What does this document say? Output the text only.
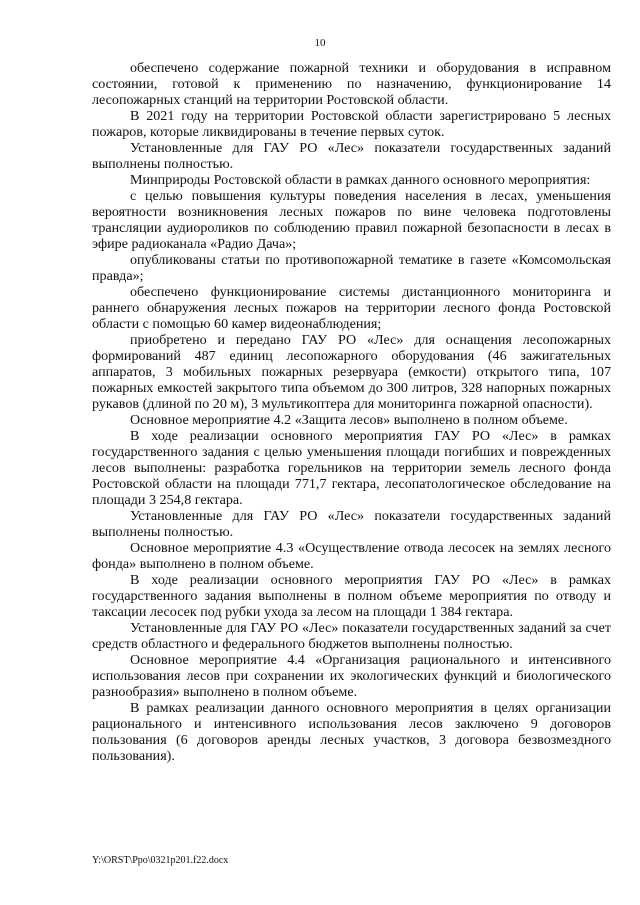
10

обеспечено содержание пожарной техники и оборудования в исправном состоянии, готовой к применению по назначению, функционирование 14 лесопожарных станций на территории Ростовской области.

В 2021 году на территории Ростовской области зарегистрировано 5 лесных пожаров, которые ликвидированы в течение первых суток.

Установленные для ГАУ РО «Лес» показатели государственных заданий выполнены полностью.

Минприроды Ростовской области в рамках данного основного мероприятия:

с целью повышения культуры поведения населения в лесах, уменьшения вероятности возникновения лесных пожаров по вине человека подготовлены трансляции аудиороликов по соблюдению правил пожарной безопасности в лесах в эфире радиоканала «Радио Дача»;

опубликованы статьи по противопожарной тематике в газете «Комсомольская правда»;

обеспечено функционирование системы дистанционного мониторинга и раннего обнаружения лесных пожаров на территории лесного фонда Ростовской области с помощью 60 камер видеонаблюдения;

приобретено и передано ГАУ РО «Лес» для оснащения лесопожарных формирований 487 единиц лесопожарного оборудования (46 зажигательных аппаратов, 3 мобильных пожарных резервуара (емкости) открытого типа, 107 пожарных емкостей закрытого типа объемом до 300 литров, 328 напорных пожарных рукавов (длиной по 20 м), 3 мультикоптера для мониторинга пожарной опасности).

Основное мероприятие 4.2 «Защита лесов» выполнено в полном объеме.

В ходе реализации основного мероприятия ГАУ РО «Лес» в рамках государственного задания с целью уменьшения площади погибших и поврежденных лесов выполнены: разработка горельников на территории земель лесного фонда Ростовской области на площади 771,7 гектара, лесопатологическое обследование на площади 3 254,8 гектара.

Установленные для ГАУ РО «Лес» показатели государственных заданий выполнены полностью.

Основное мероприятие 4.3 «Осуществление отвода лесосек на землях лесного фонда» выполнено в полном объеме.

В ходе реализации основного мероприятия ГАУ РО «Лес» в рамках государственного задания выполнены в полном объеме мероприятия по отводу и таксации лесосек под рубки ухода за лесом на площади 1 384 гектара.

Установленные для ГАУ РО «Лес» показатели государственных заданий за счет средств областного и федерального бюджетов выполнены полностью.

Основное мероприятие 4.4 «Организация рационального и интенсивного использования лесов при сохранении их экологических функций и биологического разнообразия» выполнено в полном объеме.

В рамках реализации данного основного мероприятия в целях организации рационального и интенсивного использования лесов заключено 9 договоров пользования (6 договоров аренды лесных участков, 3 договора безвозмездного пользования).

Y:\ORST\Ppo\0321p201.f22.docx
